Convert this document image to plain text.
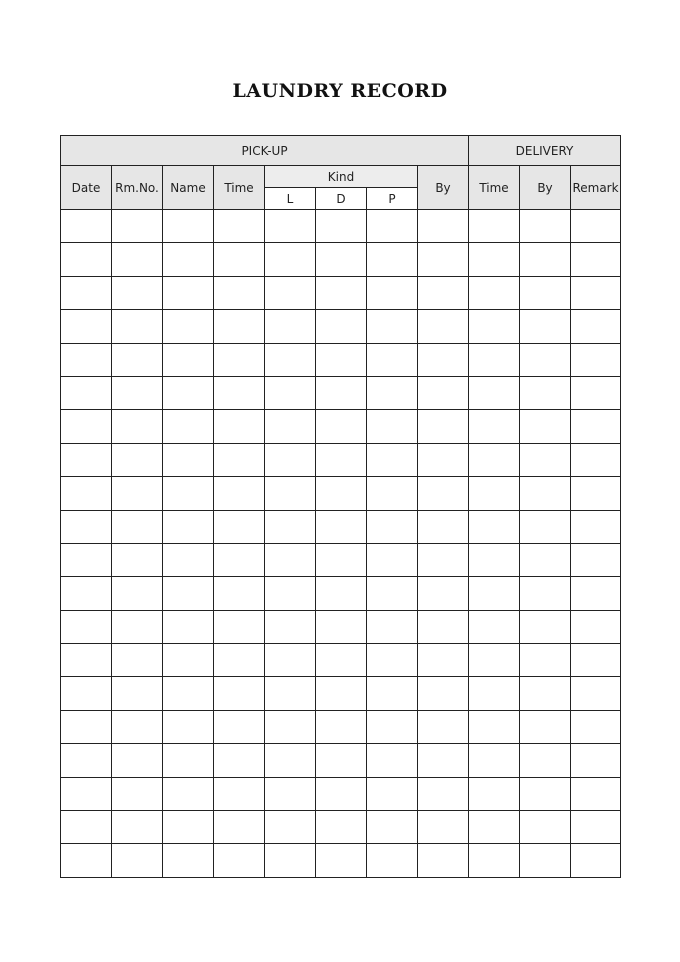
LAUNDRY RECORD
PICK-UP								DELIVERY		
Date	Rm.No.	Name	Time	Kind			By	Time	By	Remark
				L	D	P				
